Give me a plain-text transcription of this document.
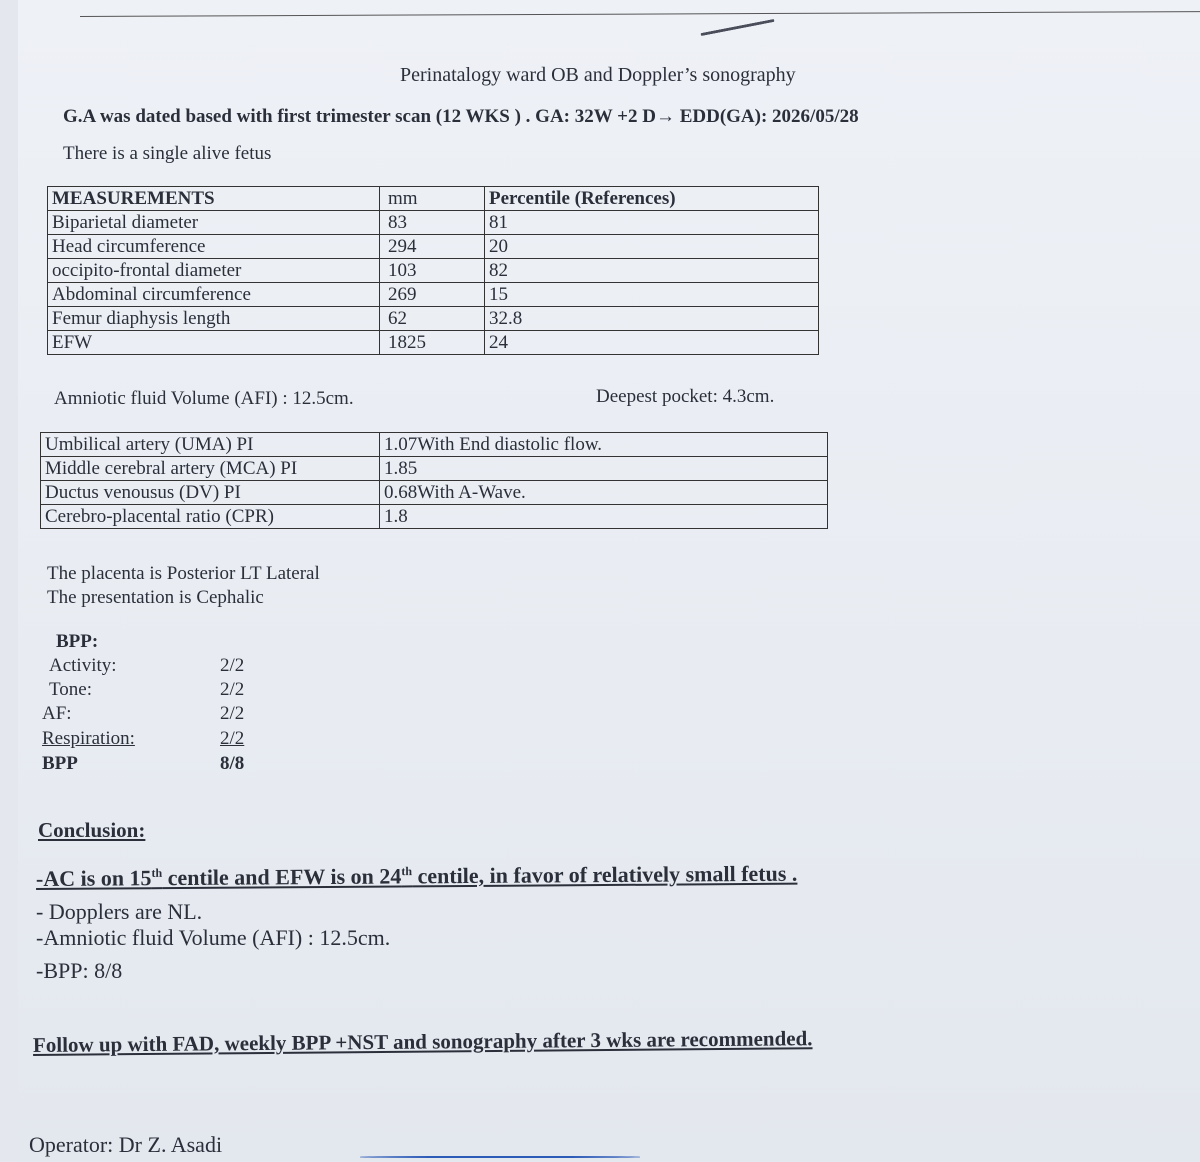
Perinatalogy ward OB and Doppler’s sonography
G.A was dated based with first trimester scan (12 WKS ) . GA: 32W +2 D→ EDD(GA): 2026/05/28
There is a single alive fetus
MEASUREMENTS	mm	Percentile (References)
Biparietal diameter	83	81
Head circumference	294	20
occipito-frontal diameter	103	82
Abdominal circumference	269	15
Femur diaphysis length	62	32.8
EFW	1825	24
Amniotic fluid Volume (AFI) : 12.5cm.	Deepest pocket: 4.3cm.
Umbilical artery (UMA) PI	1.07With End diastolic flow.
Middle cerebral artery (MCA) PI	1.85
Ductus venousus (DV) PI	0.68With A-Wave.
Cerebro-placental ratio (CPR)	1.8
The placenta is Posterior LT Lateral
The presentation is Cephalic
BPP:
Activity:	2/2
Tone:	2/2
AF:	2/2
Respiration:	2/2
BPP	8/8
Conclusion:
-AC is on 15th centile and EFW is on 24th centile, in favor of relatively small fetus .
- Dopplers are NL.
-Amniotic fluid Volume (AFI) : 12.5cm.
-BPP: 8/8
Follow up with FAD, weekly BPP +NST and sonography after 3 wks are recommended.
Operator: Dr Z. Asadi
